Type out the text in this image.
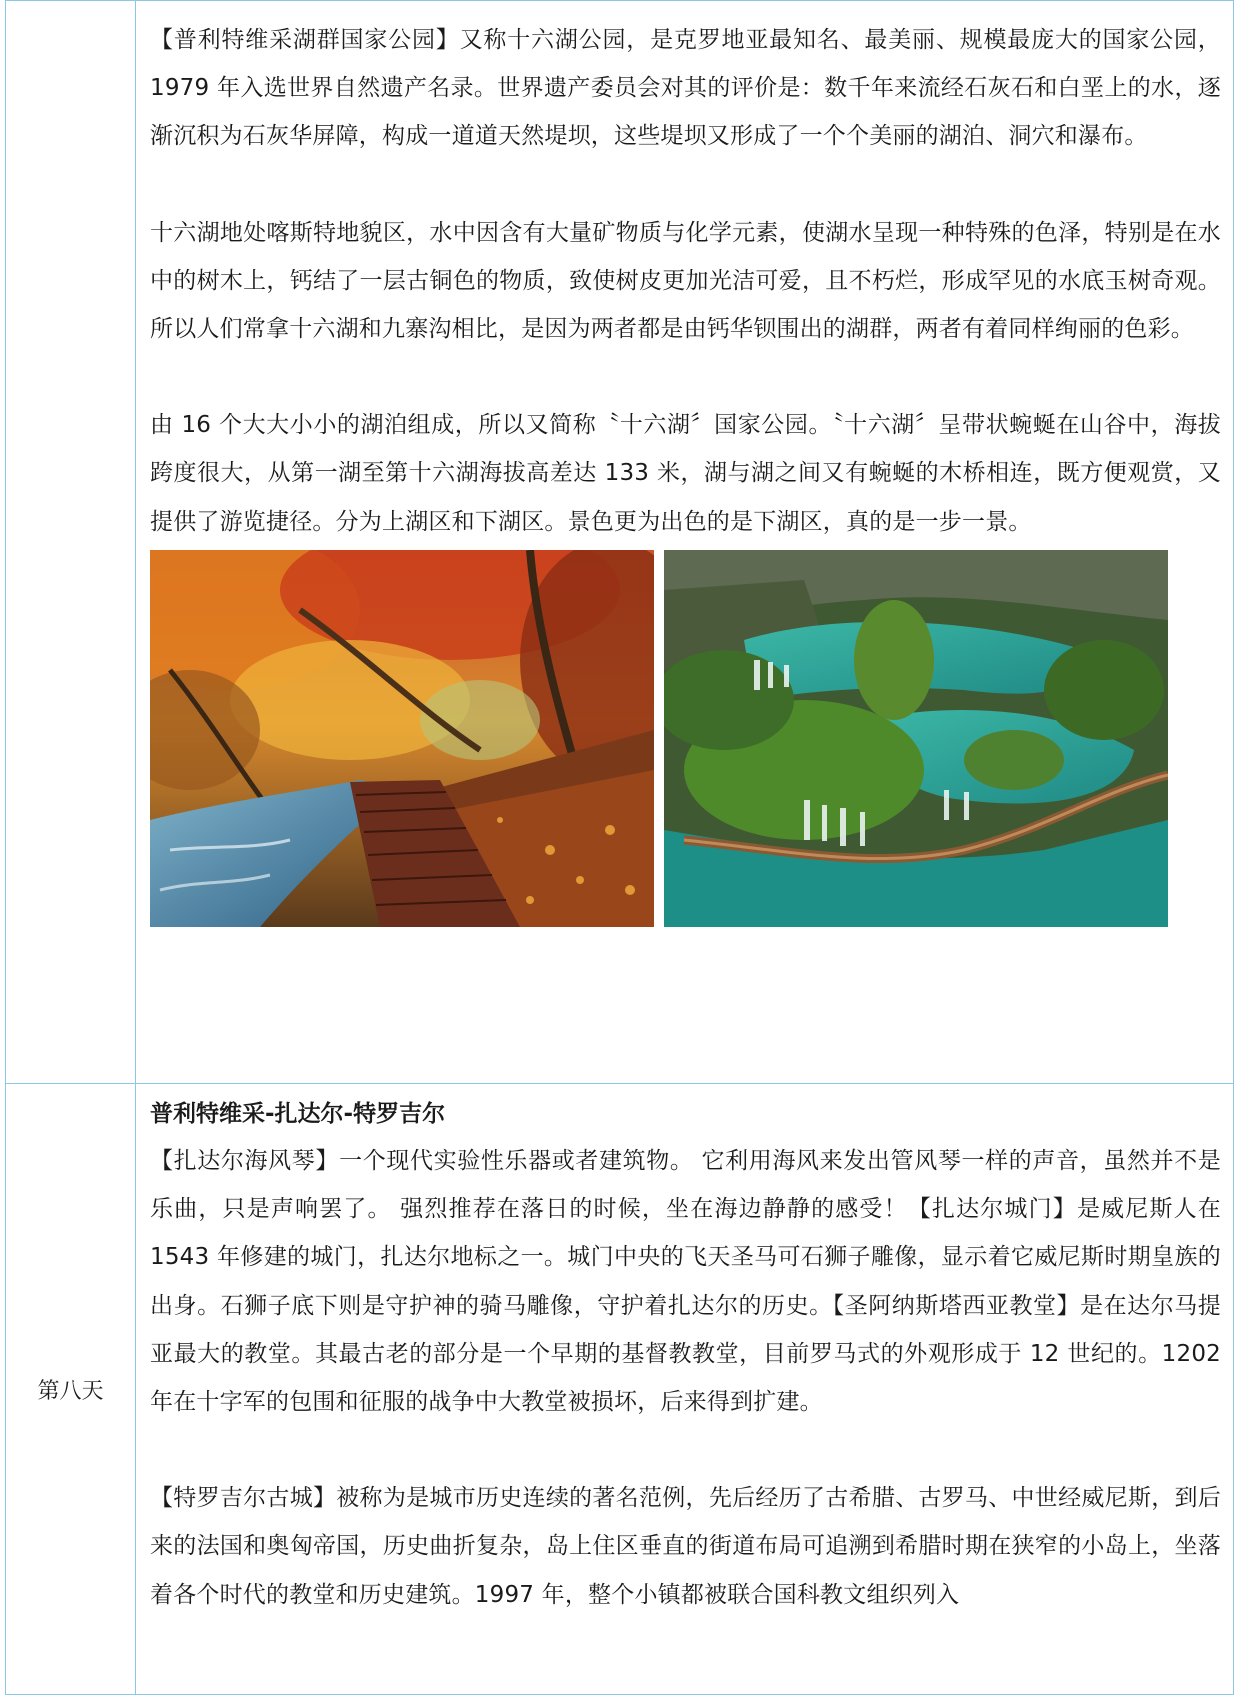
	【普利特维采湖群国家公园】又称十六湖公园，是克罗地亚最知名、最美丽、规模最庞大的国家公园，1979 年入选世界自然遗产名录。世界遗产委员会对其的评价是：数千年来流经石灰石和白垩上的水，逐渐沉积为石灰华屏障，构成一道道天然堤坝，这些堤坝又形成了一个个美丽的湖泊、洞穴和瀑布。

十六湖地处喀斯特地貌区，水中因含有大量矿物质与化学元素，使湖水呈现一种特殊的色泽，特别是在水中的树木上，钙结了一层古铜色的物质，致使树皮更加光洁可爱，且不朽烂，形成罕见的水底玉树奇观。所以人们常拿十六湖和九寨沟相比，是因为两者都是由钙华钡围出的湖群，两者有着同样绚丽的色彩。

由 16 个大大小小的湖泊组成，所以又简称〝十六湖〞国家公园。〝十六湖〞呈带状蜿蜒在山谷中，海拔跨度很大，从第一湖至第十六湖海拔高差达 133 米，湖与湖之间又有蜿蜒的木桥相连，既方便观赏，又提供了游览捷径。分为上湖区和下湖区。景色更为出色的是下湖区，真的是一步一景。

第八天	普利特维采-扎达尔-特罗吉尔

【扎达尔海风琴】一个现代实验性乐器或者建筑物。 它利用海风来发出管风琴一样的声音，虽然并不是乐曲，只是声响罢了。 强烈推荐在落日的时候，坐在海边静静的感受！【扎达尔城门】是威尼斯人在 1543 年修建的城门，扎达尔地标之一。城门中央的飞天圣马可石狮子雕像，显示着它威尼斯时期皇族的出身。石狮子底下则是守护神的骑马雕像，守护着扎达尔的历史。【圣阿纳斯塔西亚教堂】是在达尔马提亚最大的教堂。其最古老的部分是一个早期的基督教教堂，目前罗马式的外观形成于 12 世纪的。1202 年在十字军的包围和征服的战争中大教堂被损坏，后来得到扩建。

【特罗吉尔古城】被称为是城市历史连续的著名范例，先后经历了古希腊、古罗马、中世经威尼斯，到后来的法国和奥匈帝国，历史曲折复杂，岛上住区垂直的街道布局可追溯到希腊时期在狭窄的小岛上，坐落着各个时代的教堂和历史建筑。1997 年，整个小镇都被联合国科教文组织列入
